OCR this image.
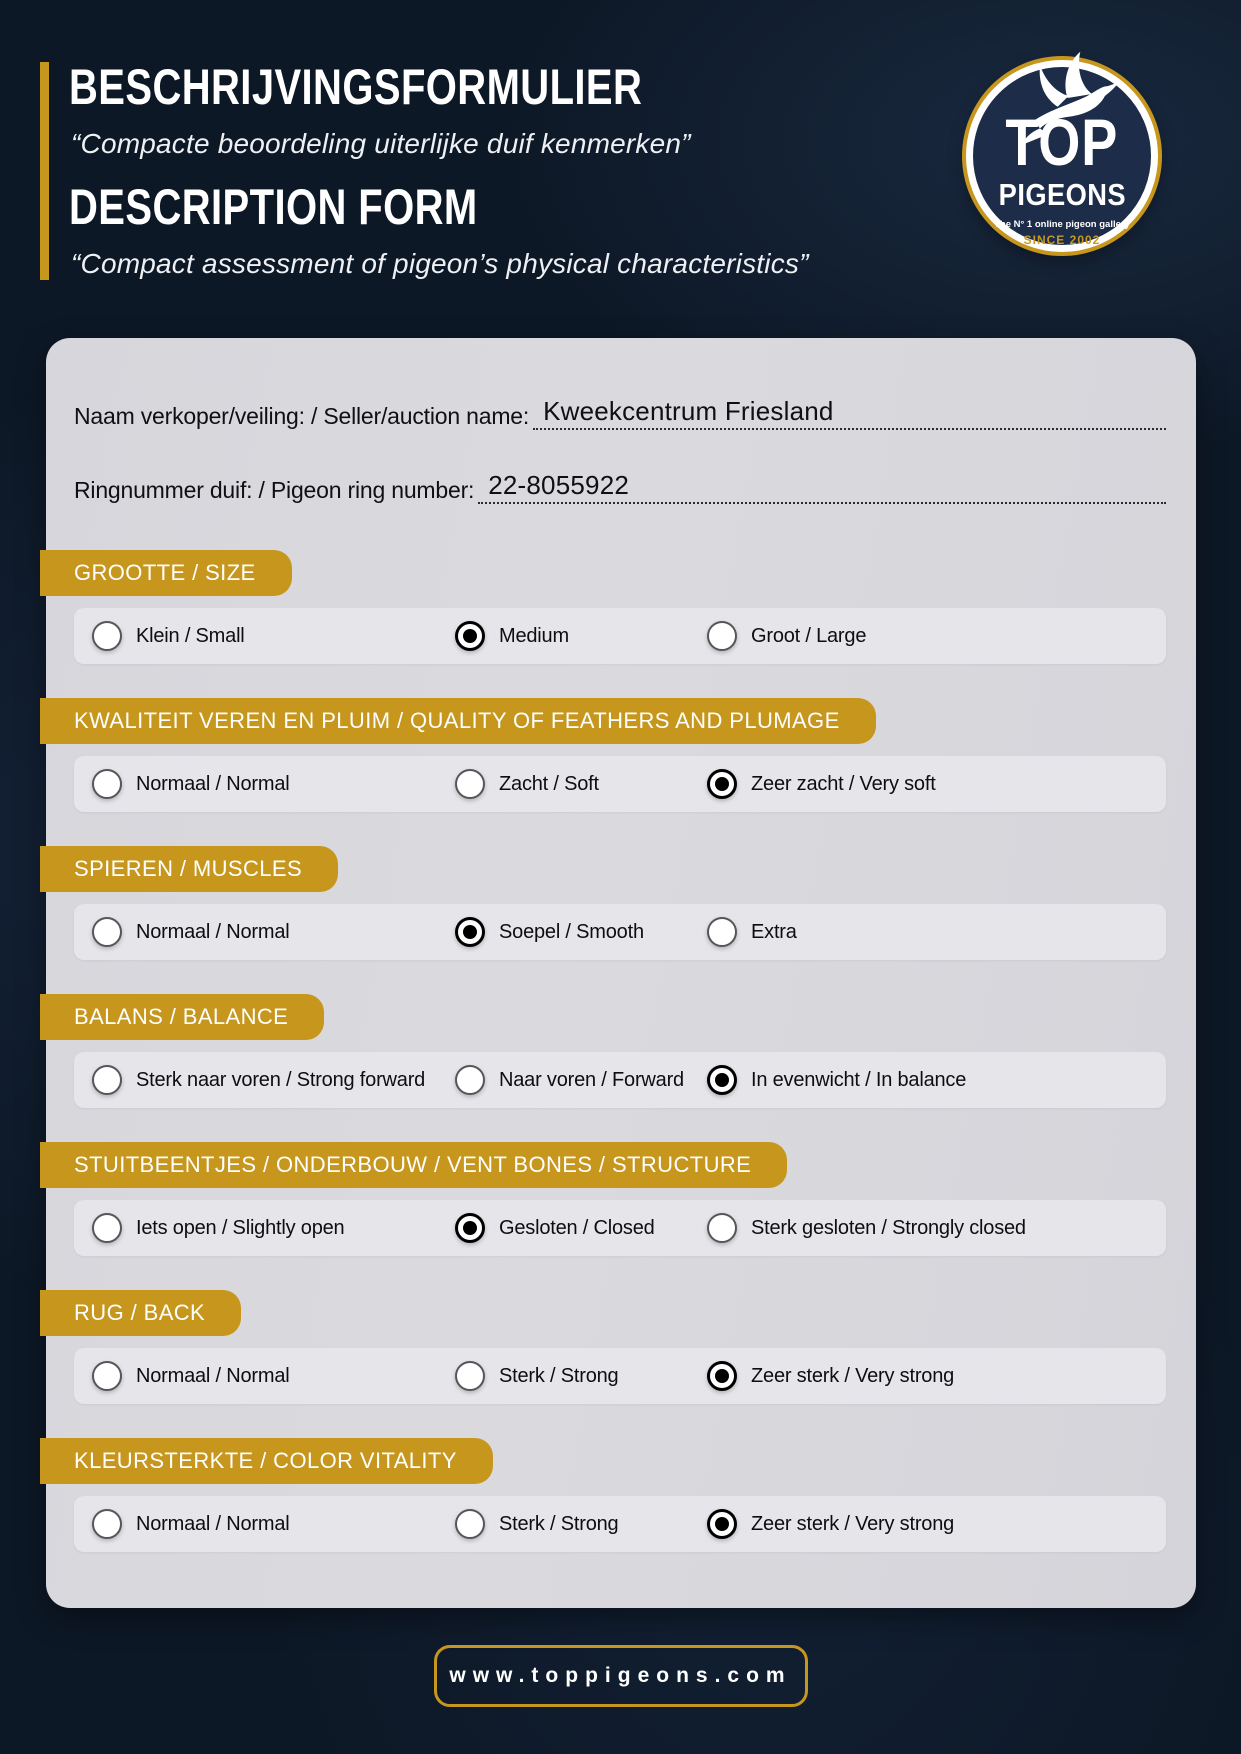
BESCHRIJVINGSFORMULIER
“Compacte beoordeling uiterlijke duif kenmerken”
DESCRIPTION FORM
“Compact assessment of pigeon’s physical characteristics”
TOP
PIGEONS
The N° 1 online pigeon gallery
SINCE 2002
Naam verkoper/veiling: / Seller/auction name: Kweekcentrum Friesland
Ringnummer duif: / Pigeon ring number: 22-8055922
GROOTTE / SIZE
Klein / Small	Medium	Groot / Large
KWALITEIT VEREN EN PLUIM / QUALITY OF FEATHERS AND PLUMAGE
Normaal / Normal	Zacht / Soft	Zeer zacht / Very soft
SPIEREN / MUSCLES
Normaal / Normal	Soepel / Smooth	Extra
BALANS / BALANCE
Sterk naar voren / Strong forward	Naar voren / Forward	In evenwicht / In balance
STUITBEENTJES / ONDERBOUW / VENT BONES / STRUCTURE
Iets open / Slightly open	Gesloten / Closed	Sterk gesloten / Strongly closed
RUG / BACK
Normaal / Normal	Sterk / Strong	Zeer sterk / Very strong
KLEURSTERKTE / COLOR VITALITY
Normaal / Normal	Sterk / Strong	Zeer sterk / Very strong
www.toppigeons.com
